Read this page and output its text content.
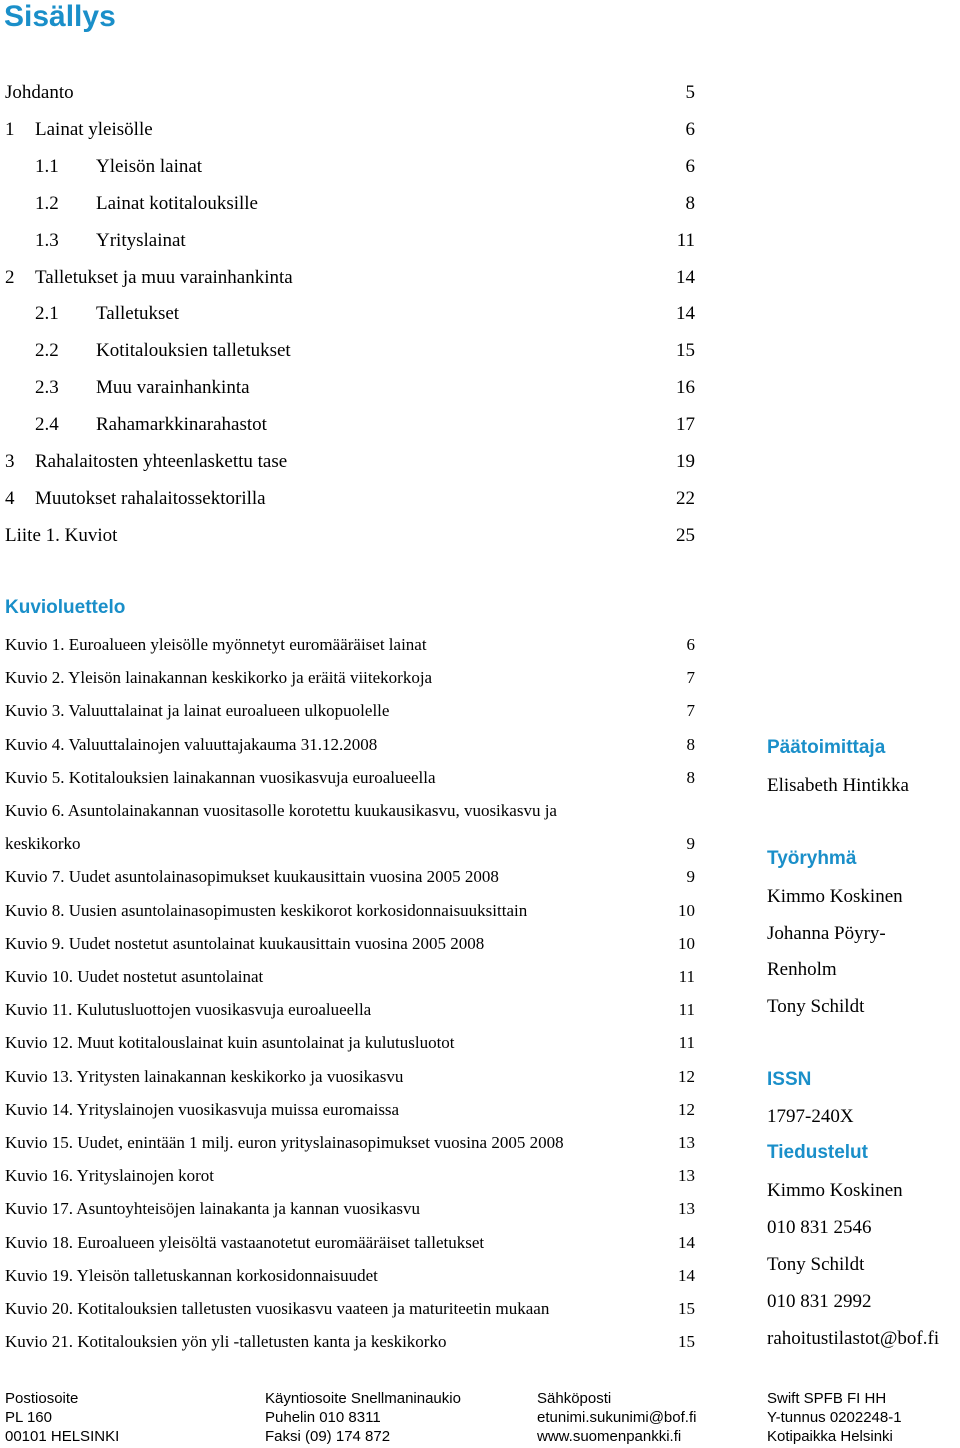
Sisällys
Johdanto	5
1 Lainat yleisölle	6
1.1 Yleisön lainat	6
1.2 Lainat kotitalouksille	8
1.3 Yrityslainat	11
2 Talletukset ja muu varainhankinta	14
2.1 Talletukset	14
2.2 Kotitalouksien talletukset	15
2.3 Muu varainhankinta	16
2.4 Rahamarkkinarahastot	17
3 Rahalaitosten yhteenlaskettu tase	19
4 Muutokset rahalaitossektorilla	22
Liite 1. Kuviot	25
Kuvioluettelo
Kuvio 1. Euroalueen yleisölle myönnetyt euromääräiset lainat	6
Kuvio 2. Yleisön lainakannan keskikorko ja eräitä viitekorkoja	7
Kuvio 3. Valuuttalainat ja lainat euroalueen ulkopuolelle	7
Kuvio 4. Valuuttalainojen valuuttajakauma 31.12.2008	8
Kuvio 5. Kotitalouksien lainakannan vuosikasvuja euroalueella	8
Kuvio 6. Asuntolainakannan vuositasolle korotettu kuukausikasvu, vuosikasvu ja
keskikorko	9
Kuvio 7. Uudet asuntolainasopimukset kuukausittain vuosina 2005 2008	9
Kuvio 8. Uusien asuntolainasopimusten keskikorot korkosidonnaisuuksittain	10
Kuvio 9. Uudet nostetut asuntolainat kuukausittain vuosina 2005 2008	10
Kuvio 10. Uudet nostetut asuntolainat	11
Kuvio 11. Kulutusluottojen vuosikasvuja euroalueella	11
Kuvio 12. Muut kotitalouslainat kuin asuntolainat ja kulutusluotot	11
Kuvio 13. Yritysten lainakannan keskikorko ja vuosikasvu	12
Kuvio 14. Yrityslainojen vuosikasvuja muissa euromaissa	12
Kuvio 15. Uudet, enintään 1 milj. euron yrityslainasopimukset vuosina 2005 2008	13
Kuvio 16. Yrityslainojen korot	13
Kuvio 17. Asuntoyhteisöjen lainakanta ja kannan vuosikasvu	13
Kuvio 18. Euroalueen yleisöltä vastaanotetut euromääräiset talletukset	14
Kuvio 19. Yleisön talletuskannan korkosidonnaisuudet	14
Kuvio 20. Kotitalouksien talletusten vuosikasvu vaateen ja maturiteetin mukaan	15
Kuvio 21. Kotitalouksien yön yli -talletusten kanta ja keskikorko	15
Päätoimittaja
Elisabeth Hintikka
Työryhmä
Kimmo Koskinen
Johanna Pöyry-
Renholm
Tony Schildt
ISSN
1797-240X
Tiedustelut
Kimmo Koskinen
010 831 2546
Tony Schildt
010 831 2992
rahoitustilastot@bof.fi
Postiosoite
PL 160
00101 HELSINKI
Käyntiosoite Snellmaninaukio
Puhelin 010 8311
Faksi (09) 174 872
Sähköposti
etunimi.sukunimi@bof.fi
www.suomenpankki.fi
Swift SPFB FI HH
Y-tunnus 0202248-1
Kotipaikka Helsinki
